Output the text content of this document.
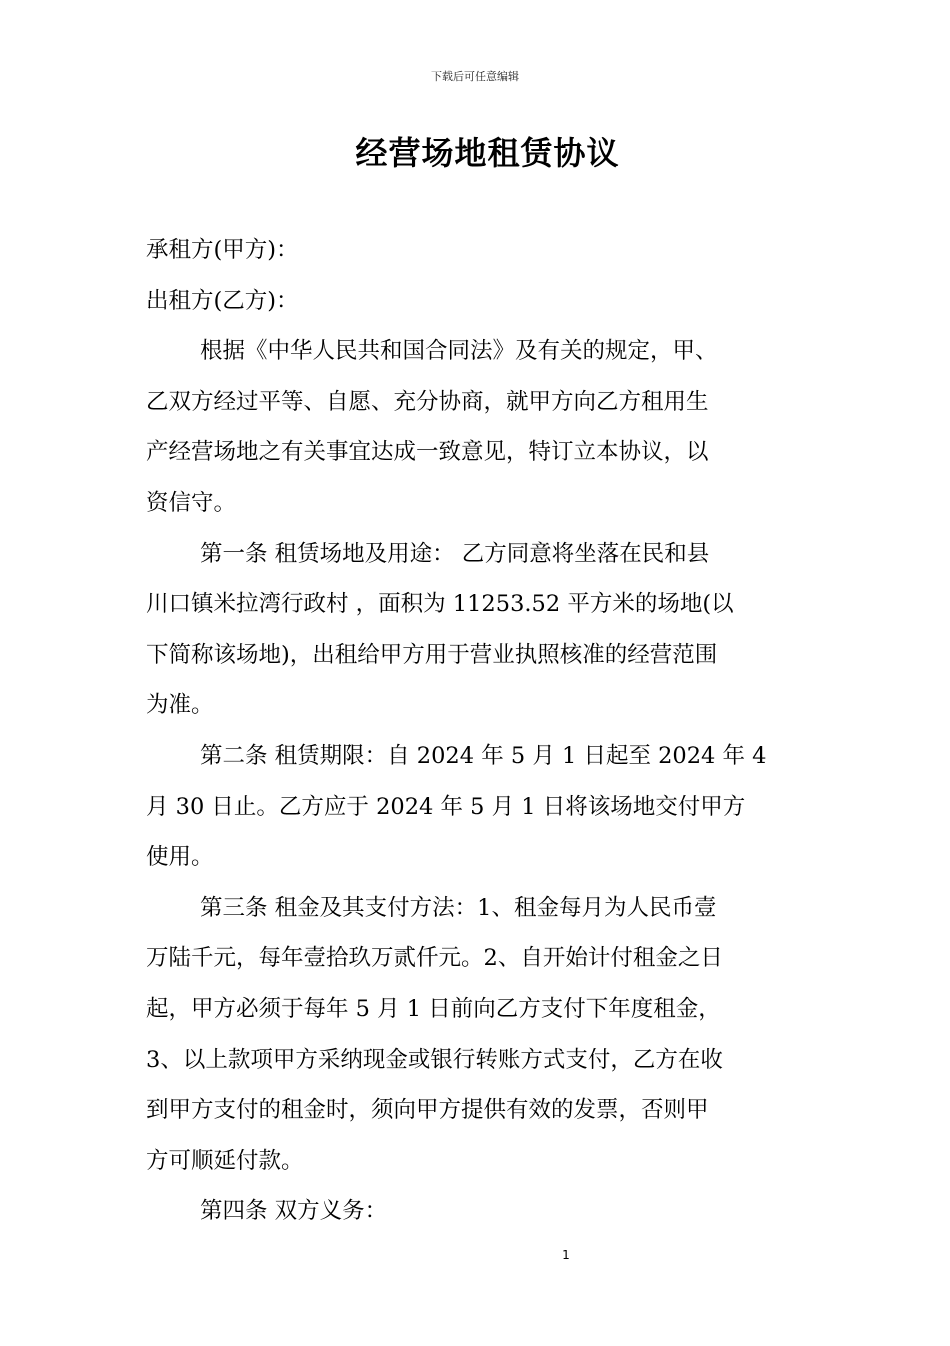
下载后可任意编辑
经营场地租赁协议
承租方(甲方)：
出租方(乙方)：
根据《中华人民共和国合同法》及有关的规定，甲、
乙双方经过平等、自愿、充分协商，就甲方向乙方租用生
产经营场地之有关事宜达成一致意见，特订立本协议，以
资信守。
第一条 租赁场地及用途： 乙方同意将坐落在民和县
川口镇米拉湾行政村 ，面积为 11253.52 平方米的场地(以
下简称该场地)，出租给甲方用于营业执照核准的经营范围
为准。
第二条 租赁期限：自 2024 年 5 月 1 日起至 2024 年 4
月 30 日止。乙方应于 2024 年 5 月 1 日将该场地交付甲方
使用。
第三条 租金及其支付方法：1、租金每月为人民币壹
万陆千元，每年壹拾玖万贰仟元。2、自开始计付租金之日
起，甲方必须于每年 5 月 1 日前向乙方支付下年度租金，
3、以上款项甲方采纳现金或银行转账方式支付，乙方在收
到甲方支付的租金时，须向甲方提供有效的发票，否则甲
方可顺延付款。
第四条 双方义务：
1
